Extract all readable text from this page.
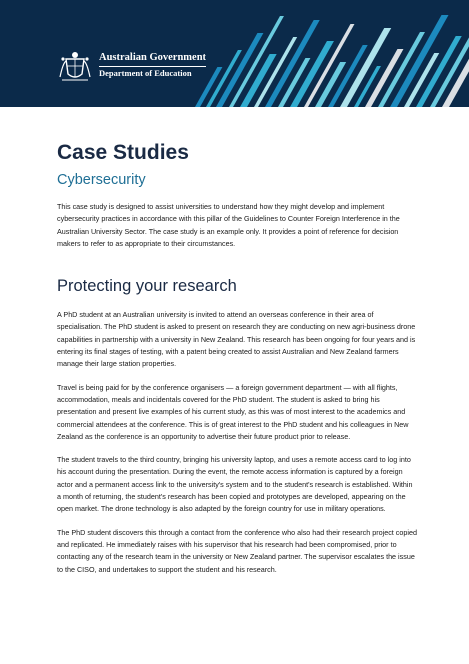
Australian Government
Department of Education
Case Studies
Cybersecurity

This case study is designed to assist universities to understand how they might develop and implement cybersecurity practices in accordance with this pillar of the Guidelines to Counter Foreign Interference in the Australian University Sector. The case study is an example only. It provides a point of reference for decision makers to refer to as appropriate to their circumstances.

Protecting your research

A PhD student at an Australian university is invited to attend an overseas conference in their area of specialisation. The PhD student is asked to present on research they are conducting on new agri-business drone capabilities in partnership with a university in New Zealand. This research has been ongoing for four years and is entering its final stages of testing, with a patent being created to assist Australian and New Zealand farmers manage their large station properties.

Travel is being paid for by the conference organisers — a foreign government department — with all flights, accommodation, meals and incidentals covered for the PhD student. The student is asked to bring his presentation and present live examples of his current study, as this was of most interest to the academics and commercial attendees at the conference. This is of great interest to the PhD student and his colleagues in New Zealand as the conference is an opportunity to advertise their future product prior to release.

The student travels to the third country, bringing his university laptop, and uses a remote access card to log into his account during the presentation. During the event, the remote access information is captured by a foreign actor and a permanent access link to the university's system and to the student's research is established. Within a month of returning, the student's research has been copied and prototypes are developed, appearing on the open market. The drone technology is also adapted by the foreign country for use in military operations.

The PhD student discovers this through a contact from the conference who also had their research project copied and replicated. He immediately raises with his supervisor that his research had been compromised, prior to contacting any of the research team in the university or New Zealand partner. The supervisor escalates the issue to the CISO, and undertakes to support the student and his research.
